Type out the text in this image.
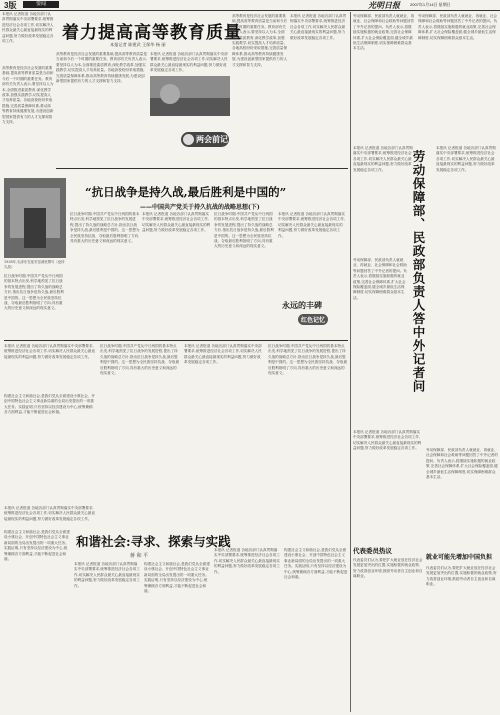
3版	要闻	光明日报	2007年1月14日 星期日
本报讯 记者报道 各地各部门认真贯彻落实中央部署要求,统筹推进经济社会各项工作,切实解决人民群众最关心最直接最现实的利益问题,努力做好改革发展稳定各项工作。
高等教育是经济社会发展的重要基础,提高高等教育质量是当前和今后一个时期的重要任务。教育部有关负责人表示,要坚持以人为本,全面推进素质教育,深化教学改革,加强实践教学,切实提高人才培养质量。各地高校纷纷采取措施,完善质量保障体系,推动高等教育持续健康发展,为建设创新型国家提供有力的人才支撑和智力支持。
着力提高高等教育质量
本报记者 陈建武 王保华 杨 丽
高等教育是经济社会发展的重要基础,提高高等教育质量是当前和今后一个时期的重要任务。教育部有关负责人表示,要坚持以人为本,全面推进素质教育,深化教学改革,加强实践教学,切实提高人才培养质量。各地高校纷纷采取措施,完善质量保障体系,推动高等教育持续健康发展,为建设创新型国家提供有力的人才支撑和智力支持。
本报讯 记者报道 各地各部门认真贯彻落实中央部署要求,统筹推进经济社会各项工作,切实解决人民群众最关心最直接最现实的利益问题,努力做好改革发展稳定各项工作。
高等教育是经济社会发展的重要基础,提高高等教育质量是当前和今后一个时期的重要任务。教育部有关负责人表示,要坚持以人为本,全面推进素质教育,深化教学改革,加强实践教学,切实提高人才培养质量。各地高校纷纷采取措施,完善质量保障体系,推动高等教育持续健康发展,为建设创新型国家提供有力的人才支撑和智力支持。
本报讯 记者报道 各地各部门认真贯彻落实中央部署要求,统筹推进经济社会各项工作,切实解决人民群众最关心最直接最现实的利益问题,努力做好改革发展稳定各项工作。
两会前记
“抗日战争是持久战,最后胜利是中国的”
——中国共产党关于持久抗战的战略思想(下)
1938年,毛泽东在延安窑洞里撰写《论持久战》
抗日战争时期,中国共产党从中日两国的基本特点出发,科学地预见了抗日战争的发展进程,提出了持久战的战略总方针,指出抗日战争是持久战,最后胜利是中国的。这一思想为全民族坚持抗战、夺取最后胜利指明了方向,具有重大的历史意义和深远的现实意义。
抗日战争时期,中国共产党从中日两国的基本特点出发,科学地预见了抗日战争的发展进程,提出了持久战的战略总方针,指出抗日战争是持久战,最后胜利是中国的。这一思想为全民族坚持抗战、夺取最后胜利指明了方向,具有重大的历史意义和深远的现实意义。
本报讯 记者报道 各地各部门认真贯彻落实中央部署要求,统筹推进经济社会各项工作,切实解决人民群众最关心最直接最现实的利益问题,努力做好改革发展稳定各项工作。
抗日战争时期,中国共产党从中日两国的基本特点出发,科学地预见了抗日战争的发展进程,提出了持久战的战略总方针,指出抗日战争是持久战,最后胜利是中国的。这一思想为全民族坚持抗战、夺取最后胜利指明了方向,具有重大的历史意义和深远的现实意义。
本报讯 记者报道 各地各部门认真贯彻落实中央部署要求,统筹推进经济社会各项工作,切实解决人民群众最关心最直接最现实的利益问题,努力做好改革发展稳定各项工作。
永远的丰碑
红色记忆
本报讯 记者报道 各地各部门认真贯彻落实中央部署要求,统筹推进经济社会各项工作,切实解决人民群众最关心最直接最现实的利益问题,努力做好改革发展稳定各项工作。
构建社会主义和谐社会,是我们党从全面建设小康社会、开创中国特色社会主义事业新局面的全局出发提出的一项重大任务。实践证明,只有坚持以经济建设为中心,统筹兼顾各方面利益,才能不断促进社会和谐。
本报讯 记者报道 各地各部门认真贯彻落实中央部署要求,统筹推进经济社会各项工作,切实解决人民群众最关心最直接最现实的利益问题,努力做好改革发展稳定各项工作。
抗日战争时期,中国共产党从中日两国的基本特点出发,科学地预见了抗日战争的发展进程,提出了持久战的战略总方针,指出抗日战争是持久战,最后胜利是中国的。这一思想为全民族坚持抗战、夺取最后胜利指明了方向,具有重大的历史意义和深远的现实意义。
本报讯 记者报道 各地各部门认真贯彻落实中央部署要求,统筹推进经济社会各项工作,切实解决人民群众最关心最直接最现实的利益问题,努力做好改革发展稳定各项工作。
抗日战争时期,中国共产党从中日两国的基本特点出发,科学地预见了抗日战争的发展进程,提出了持久战的战略总方针,指出抗日战争是持久战,最后胜利是中国的。这一思想为全民族坚持抗战、夺取最后胜利指明了方向,具有重大的历史意义和深远的现实意义。
和谐社会:寻求、探索与实践
蒋 和 平
构建社会主义和谐社会,是我们党从全面建设小康社会、开创中国特色社会主义事业新局面的全局出发提出的一项重大任务。实践证明,只有坚持以经济建设为中心,统筹兼顾各方面利益,才能不断促进社会和谐。
本报讯 记者报道 各地各部门认真贯彻落实中央部署要求,统筹推进经济社会各项工作,切实解决人民群众最关心最直接最现实的利益问题,努力做好改革发展稳定各项工作。
构建社会主义和谐社会,是我们党从全面建设小康社会、开创中国特色社会主义事业新局面的全局出发提出的一项重大任务。实践证明,只有坚持以经济建设为中心,统筹兼顾各方面利益,才能不断促进社会和谐。
本报讯 记者报道 各地各部门认真贯彻落实中央部署要求,统筹推进经济社会各项工作,切实解决人民群众最关心最直接最现实的利益问题,努力做好改革发展稳定各项工作。
构建社会主义和谐社会,是我们党从全面建设小康社会、开创中国特色社会主义事业新局面的全局出发提出的一项重大任务。实践证明,只有坚持以经济建设为中心,统筹兼顾各方面利益,才能不断促进社会和谐。
劳动保障部、民政部负责人就就业、再就业、社会保障和社会救助等问题回答了中外记者的提问。负责人表示,将继续实施积极的就业政策,完善社会保障体系,扩大社会保险覆盖面,健全城乡最低生活保障制度,切实保障困难群众基本生活。
本报讯 记者报道 各地各部门认真贯彻落实中央部署要求,统筹推进经济社会各项工作,切实解决人民群众最关心最直接最现实的利益问题,努力做好改革发展稳定各项工作。
劳动保障部、民政部负责人就就业、再就业、社会保障和社会救助等问题回答了中外记者的提问。负责人表示,将继续实施积极的就业政策,完善社会保障体系,扩大社会保险覆盖面,健全城乡最低生活保障制度,切实保障困难群众基本生活。
本报讯 记者报道 各地各部门认真贯彻落实中央部署要求,统筹推进经济社会各项工作,切实解决人民群众最关心最直接最现实的利益问题,努力做好改革发展稳定各项工作。
劳动保障部、民政部负责人答中外记者问
劳动保障部、民政部负责人就就业、再就业、社会保障和社会救助等问题回答了中外记者的提问。负责人表示,将继续实施积极的就业政策,完善社会保障体系,扩大社会保险覆盖面,健全城乡最低生活保障制度,切实保障困难群众基本生活。
本报讯 记者报道 各地各部门认真贯彻落实中央部署要求,统筹推进经济社会各项工作,切实解决人民群众最关心最直接最现实的利益问题,努力做好改革发展稳定各项工作。	劳动保障部、民政部负责人就就业、再就业、社会保障和社会救助等问题回答了中外记者的提问。负责人表示,将继续实施积极的就业政策,完善社会保障体系,扩大社会保险覆盖面,健全城乡最低生活保障制度,切实保障困难群众基本生活。
代表委员热议
代表委员们认为,要把扩大就业放在经济社会发展更加突出的位置,实施积极的就业政策,努力改善创业环境,鼓励劳动者自主创业和自谋职业。
就业可能先增加中国负担
代表委员们认为,要把扩大就业放在经济社会发展更加突出的位置,实施积极的就业政策,努力改善创业环境,鼓励劳动者自主创业和自谋职业。
